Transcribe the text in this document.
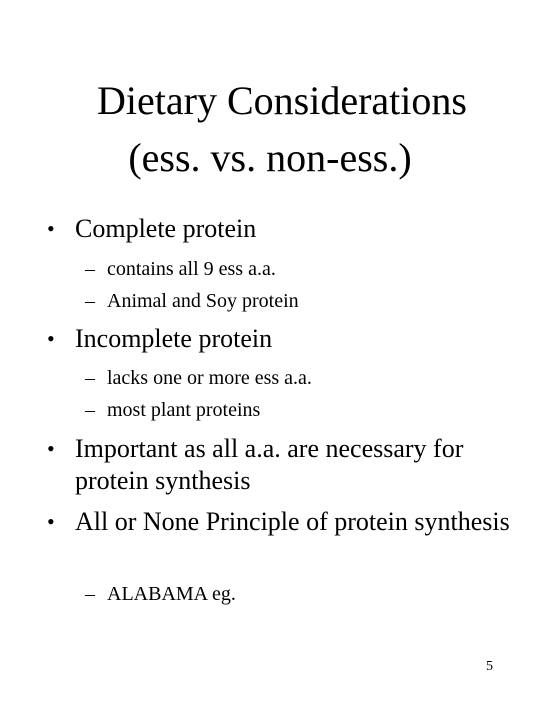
Dietary Considerations
(ess. vs. non-ess.)
• Complete protein
– contains all 9 ess a.a.
– Animal and Soy protein
• Incomplete protein
– lacks one or more ess a.a.
– most plant proteins
• Important as all a.a. are necessary for protein synthesis
• All or None Principle of protein synthesis
– ALABAMA eg.
5
